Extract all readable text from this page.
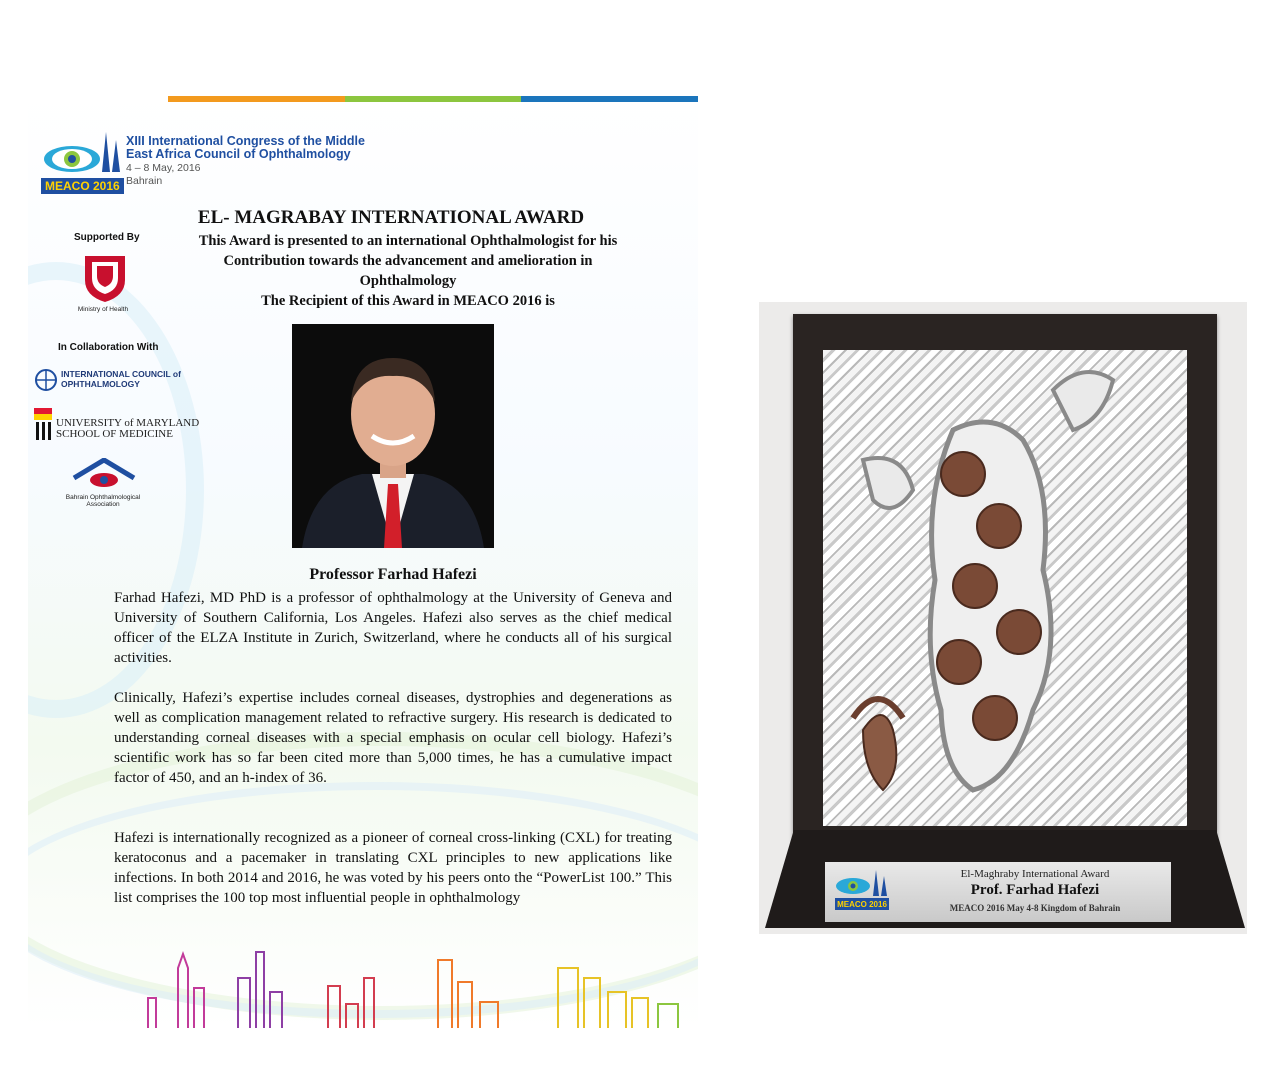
MEACO 2016
XIII International Congress of the Middle East Africa Council of Ophthalmology
4 – 8 May, 2016
Bahrain
EL- MAGRABAY INTERNATIONAL AWARD
This Award is presented to an international Ophthalmologist for his
Contribution towards the advancement and amelioration in
Ophthalmology
The Recipient of this Award in MEACO 2016 is
Supported By
Ministry of Health
In Collaboration With
INTERNATIONAL COUNCIL of OPHTHALMOLOGY
UNIVERSITY of MARYLAND
SCHOOL OF MEDICINE
Bahrain Ophthalmological Association
Professor Farhad Hafezi

Farhad Hafezi, MD PhD is a professor of ophthalmology at the University of Geneva and University of Southern California, Los Angeles. Hafezi also serves as the chief medical officer of the ELZA Institute in Zurich, Switzerland, where he conducts all of his surgical activities.

Clinically, Hafezi’s expertise includes corneal diseases, dystrophies and degenerations as well as complication management related to refractive surgery. His research is dedicated to understanding corneal diseases with a special emphasis on ocular cell biology. Hafezi’s scientific work has so far been cited more than 5,000 times, he has a cumulative impact factor of 450, and an h-index of 36.

Hafezi is internationally recognized as a pioneer of corneal cross-linking (CXL) for treating keratoconus and a pacemaker in translating CXL principles to new applications like infections. In both 2014 and 2016, he was voted by his peers onto the “PowerList 100.” This list comprises the 100 top most influential people in ophthalmology	MEACO 2016
El-Maghraby International Award
Prof. Farhad Hafezi
MEACO 2016 May 4-8 Kingdom of Bahrain
